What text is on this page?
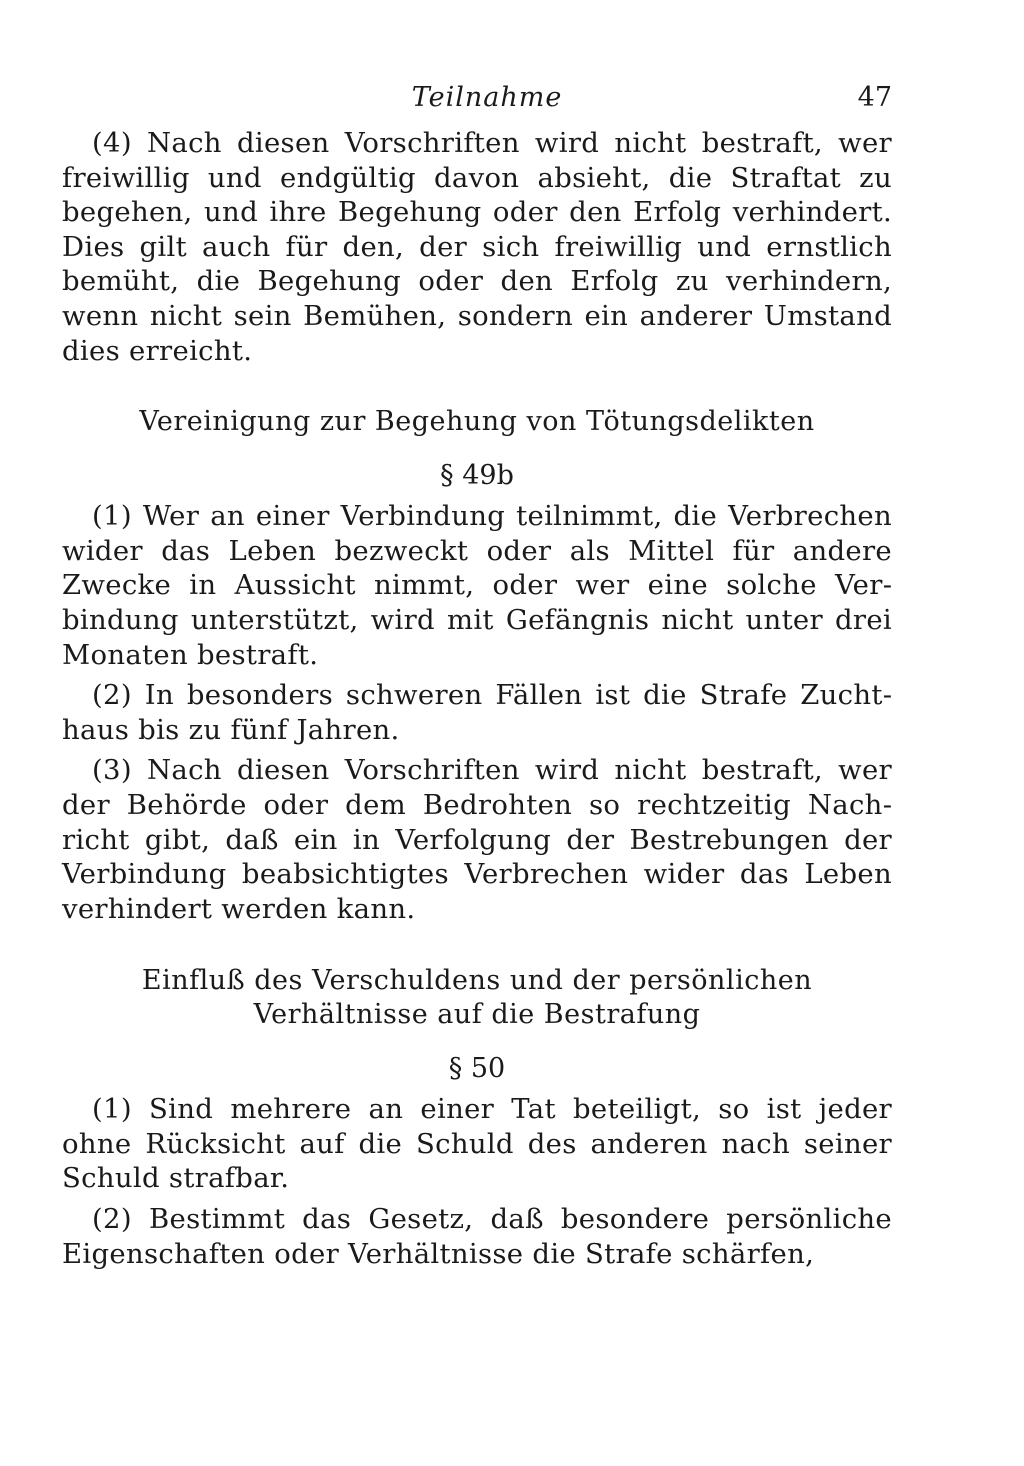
Teilnahme	47

(4) Nach diesen Vorschriften wird nicht bestraft, wer freiwillig und endgültig davon absieht, die Straftat zu begehen, und ihre Begehung oder den Erfolg verhindert. Dies gilt auch für den, der sich freiwillig und ernstlich bemüht, die Begehung oder den Erfolg zu verhindern, wenn nicht sein Bemühen, sondern ein anderer Umstand dies erreicht.

Vereinigung zur Begehung von Tötungsdelikten

§ 49b

(1) Wer an einer Verbindung teilnimmt, die Verbrechen wider das Leben bezweckt oder als Mittel für andere Zwecke in Aussicht nimmt, oder wer eine solche Verbindung unterstützt, wird mit Gefängnis nicht unter drei Monaten bestraft.

(2) In besonders schweren Fällen ist die Strafe Zuchthaus bis zu fünf Jahren.

(3) Nach diesen Vorschriften wird nicht bestraft, wer der Behörde oder dem Bedrohten so rechtzeitig Nachricht gibt, daß ein in Verfolgung der Bestrebungen der Verbindung beabsichtigtes Verbrechen wider das Leben verhindert werden kann.

Einfluß des Verschuldens und der persönlichen

Verhältnisse auf die Bestrafung

§ 50

(1) Sind mehrere an einer Tat beteiligt, so ist jeder ohne Rücksicht auf die Schuld des anderen nach seiner Schuld strafbar.

(2) Bestimmt das Gesetz, daß besondere persönliche Eigenschaften oder Verhältnisse die Strafe schärfen,
